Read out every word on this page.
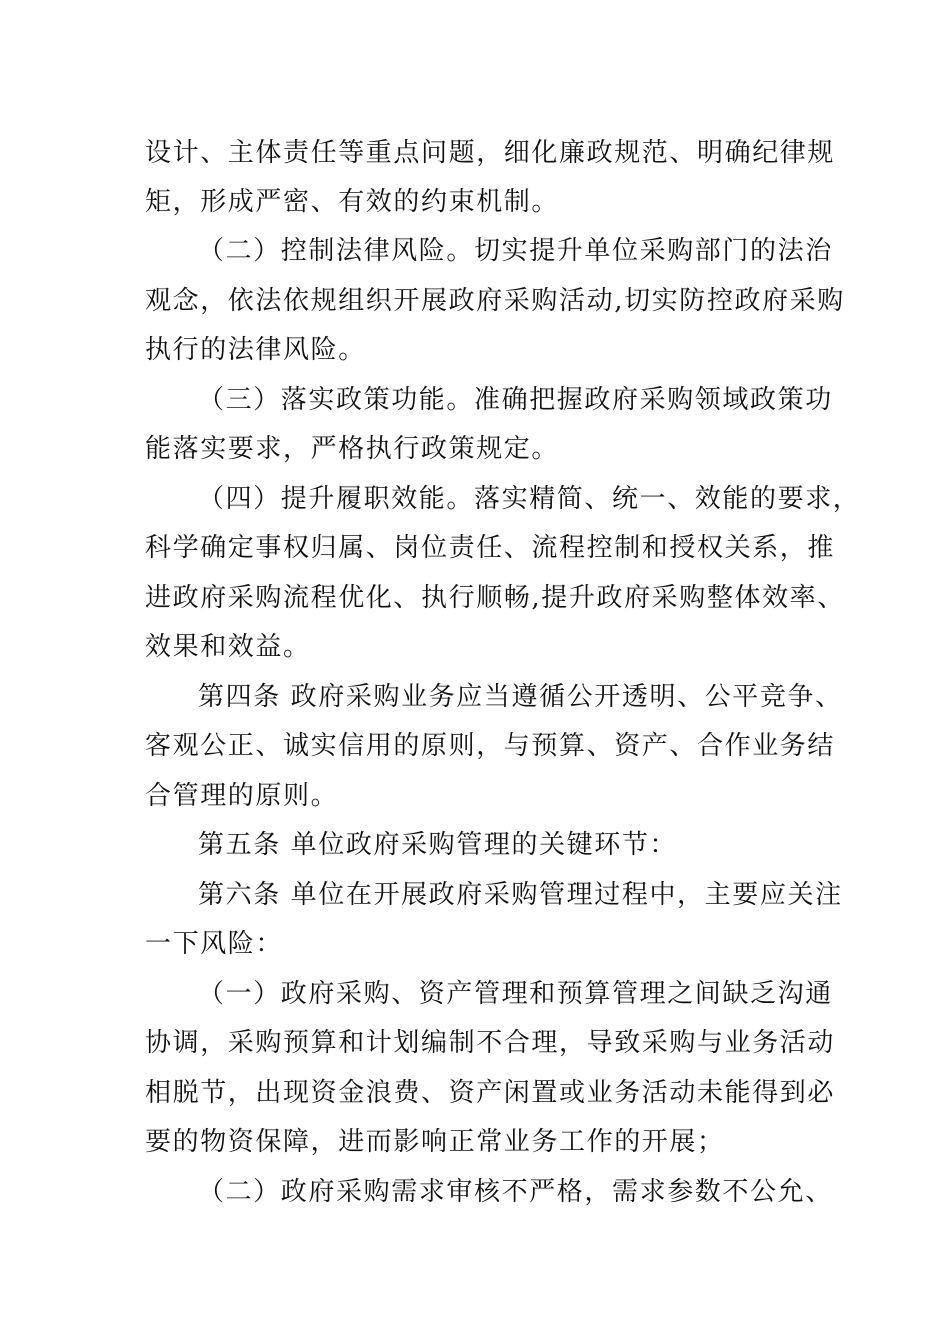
设计、主体责任等重点问题，细化廉政规范、明确纪律规
矩，形成严密、有效的约束机制。
（二）控制法律风险。切实提升单位采购部门的法治
观念，依法依规组织开展政府采购活动,切实防控政府采购
执行的法律风险。
（三）落实政策功能。准确把握政府采购领域政策功
能落实要求，严格执行政策规定。
（四）提升履职效能。落实精简、统一、效能的要求，
科学确定事权归属、岗位责任、流程控制和授权关系，推
进政府采购流程优化、执行顺畅,提升政府采购整体效率、
效果和效益。
第四条 政府采购业务应当遵循公开透明、公平竞争、
客观公正、诚实信用的原则，与预算、资产、合作业务结
合管理的原则。
第五条 单位政府采购管理的关键环节：
第六条 单位在开展政府采购管理过程中，主要应关注
一下风险：
（一）政府采购、资产管理和预算管理之间缺乏沟通
协调，采购预算和计划编制不合理，导致采购与业务活动
相脱节，出现资金浪费、资产闲置或业务活动未能得到必
要的物资保障，进而影响正常业务工作的开展；
（二）政府采购需求审核不严格，需求参数不公允、
